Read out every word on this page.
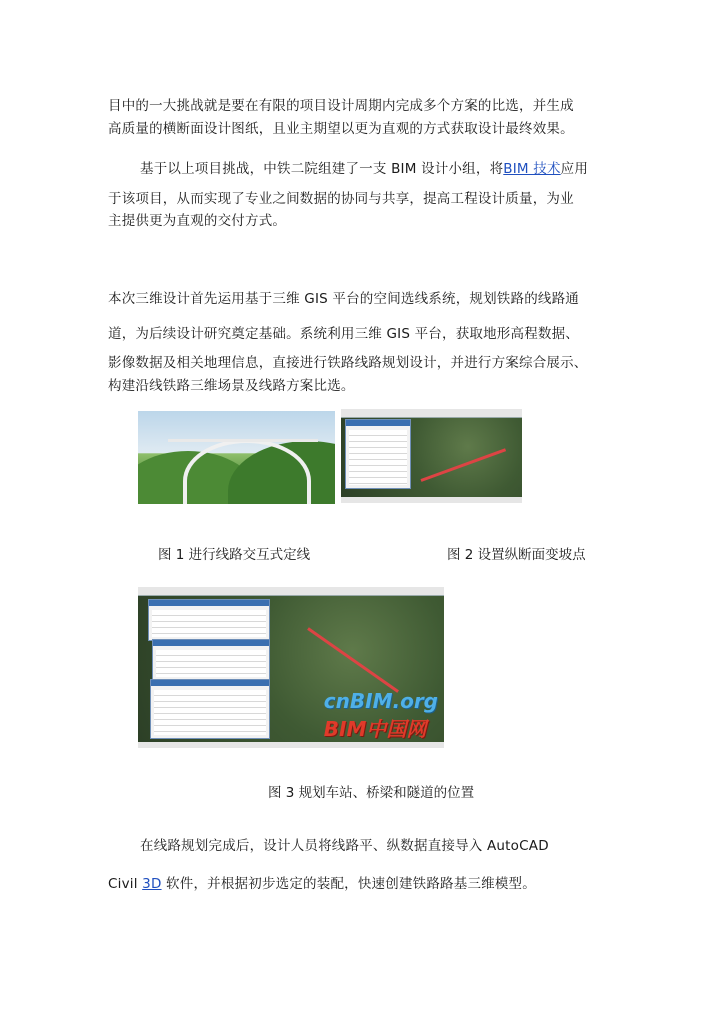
目中的一大挑战就是要在有限的项目设计周期内完成多个方案的比选，并生成
高质量的横断面设计图纸，且业主期望以更为直观的方式获取设计最终效果。
基于以上项目挑战，中铁二院组建了一支 BIM 设计小组，将BIM 技术应用
于该项目，从而实现了专业之间数据的协同与共享，提高工程设计质量，为业
主提供更为直观的交付方式。
本次三维设计首先运用基于三维 GIS 平台的空间选线系统，规划铁路的线路通
道，为后续设计研究奠定基础。系统利用三维 GIS 平台，获取地形高程数据、
影像数据及相关地理信息，直接进行铁路线路规划设计，并进行方案综合展示、
构建沿线铁路三维场景及线路方案比选。
图 1 进行线路交互式定线	图 2 设置纵断面变坡点
cnBIM.org
BIM中国网
图 3 规划车站、桥梁和隧道的位置
在线路规划完成后，设计人员将线路平、纵数据直接导入 AutoCAD
Civil 3D 软件，并根据初步选定的装配，快速创建铁路路基三维模型。
